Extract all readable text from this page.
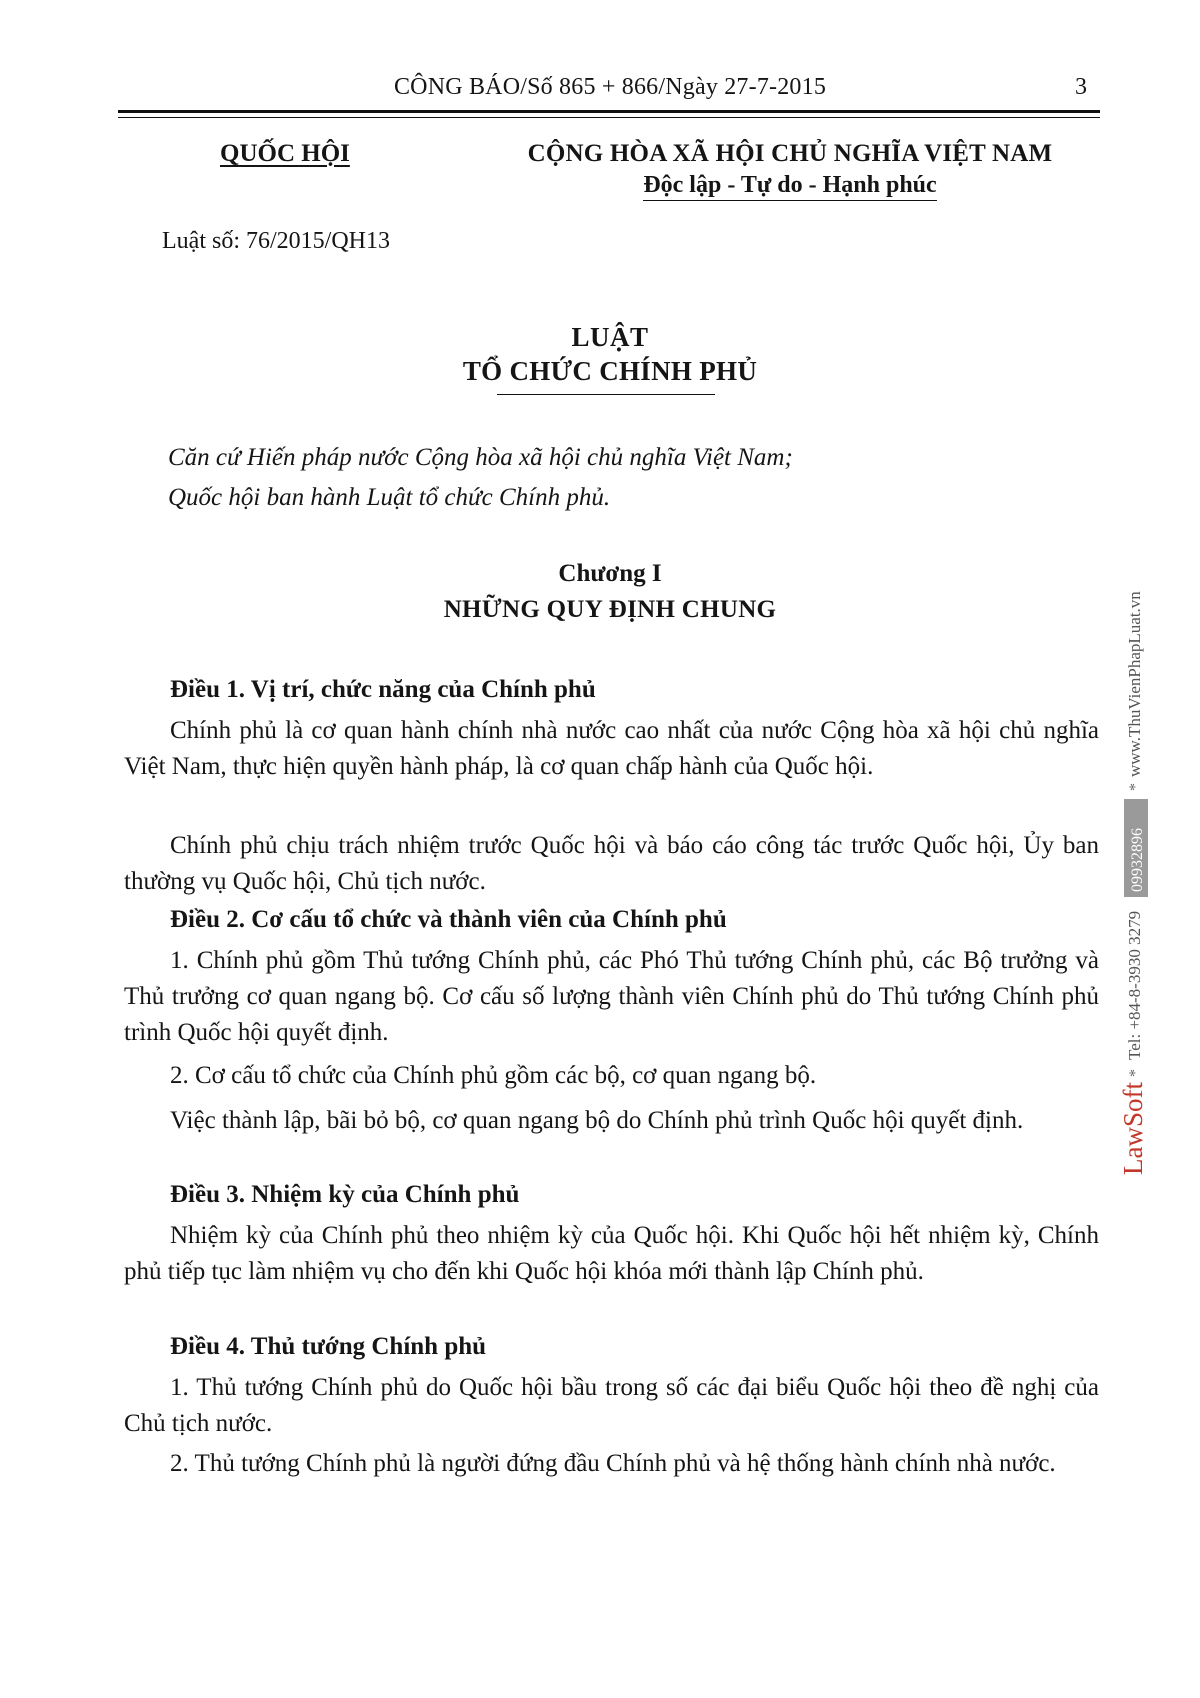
CÔNG BÁO/Số 865 + 866/Ngày 27-7-2015	3
QUỐC HỘI	CỘNG HÒA XÃ HỘI CHỦ NGHĨA VIỆT NAM
Độc lập - Tự do - Hạnh phúc
Luật số: 76/2015/QH13
LUẬT
TỔ CHỨC CHÍNH PHỦ
Căn cứ Hiến pháp nước Cộng hòa xã hội chủ nghĩa Việt Nam;
Quốc hội ban hành Luật tổ chức Chính phủ.
Chương I
NHỮNG QUY ĐỊNH CHUNG
Điều 1. Vị trí, chức năng của Chính phủ
Chính phủ là cơ quan hành chính nhà nước cao nhất của nước Cộng hòa xã hội chủ nghĩa Việt Nam, thực hiện quyền hành pháp, là cơ quan chấp hành của Quốc hội.
Chính phủ chịu trách nhiệm trước Quốc hội và báo cáo công tác trước Quốc hội, Ủy ban thường vụ Quốc hội, Chủ tịch nước.
Điều 2. Cơ cấu tổ chức và thành viên của Chính phủ
1. Chính phủ gồm Thủ tướng Chính phủ, các Phó Thủ tướng Chính phủ, các Bộ trưởng và Thủ trưởng cơ quan ngang bộ. Cơ cấu số lượng thành viên Chính phủ do Thủ tướng Chính phủ trình Quốc hội quyết định.
2. Cơ cấu tổ chức của Chính phủ gồm các bộ, cơ quan ngang bộ.
Việc thành lập, bãi bỏ bộ, cơ quan ngang bộ do Chính phủ trình Quốc hội quyết định.
Điều 3. Nhiệm kỳ của Chính phủ
Nhiệm kỳ của Chính phủ theo nhiệm kỳ của Quốc hội. Khi Quốc hội hết nhiệm kỳ, Chính phủ tiếp tục làm nhiệm vụ cho đến khi Quốc hội khóa mới thành lập Chính phủ.
Điều 4. Thủ tướng Chính phủ
1. Thủ tướng Chính phủ do Quốc hội bầu trong số các đại biểu Quốc hội theo đề nghị của Chủ tịch nước.
2. Thủ tướng Chính phủ là người đứng đầu Chính phủ và hệ thống hành chính nhà nước.
LawSoft
*
Tel: +84-8-3930 3279
09932896
*
www.ThuVienPhapLuat.vn
